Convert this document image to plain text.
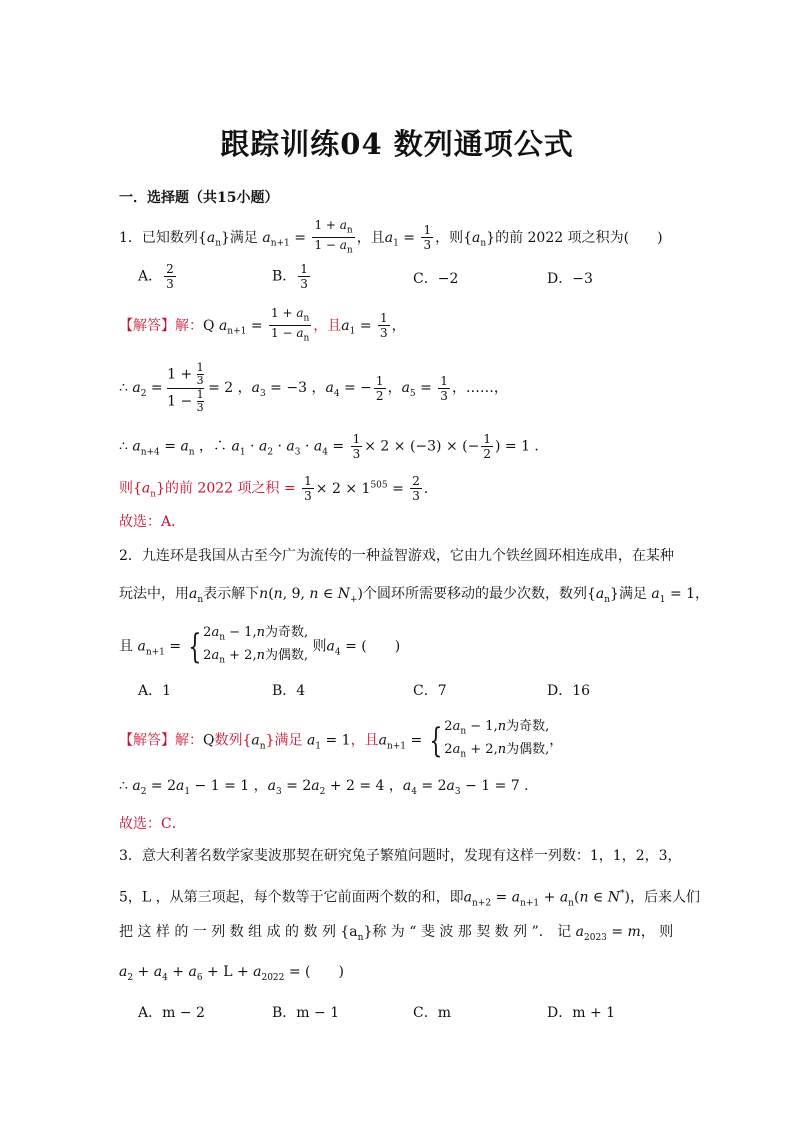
跟踪训练04 数列通项公式
一．选择题（共15小题）
1．已知数列$\{a_n\}$满足 $a_{n+1} = \frac{1 + a_n}{1 - a_n}$ ，且$a_1 = \frac{1}{3}$ ，则$\{a_n\}$的前 2022 项之积为(　　)
A． $\frac{2}{3}$	B． $\frac{1}{3}$	C．−2	D．−3
【解答】解：Q $a_{n+1} = \frac{1 + a_n}{1 - a_n}$ ，且$a_1 = \frac{1}{3}$ ，
∴ $a_2 = \frac{1 + \frac{1}{3}}{1 - \frac{1}{3}} = 2$ ，$a_3 = -3$ ，$a_4$ = − $\frac{1}{2}$ ，$a_5 = \frac{1}{3}$ ，……，
∴ $a_{n+4} = a_n$ ，∴ $a_1 \cdot a_2 \cdot a_3 \cdot a_4 = \frac{1}{3} \times 2 \times (-3)$ × (− $\frac{1}{2}$ ) = 1 ．
则$\{a_n\}$的前 2022 项之积 = $\frac{1}{3} \times 2 \times 1^{505} = \frac{2}{3}$ ．
故选：A．
2．九连环是我国从古至今广为流传的一种益智游戏，它由九个铁丝圆环相连成串，在某种
玩法中，用$a_n$表示解下n(n, 9, n ∈ $N_+$)个圆环所需要移动的最少次数，数列$\{a_n\}$满足 $a_1 = 1$，
且 $a_{n+1}$ = { $2a_n - 1,n$为奇数,
$2a_n + 2,n$为偶数,
则$a_4$ = (　　)
A．1	B．4	C．7	D．16
【解答】解：Q数列$\{a_n\}$满足 $a_1 = 1$，且$a_{n+1}$ = { $2a_n - 1,n$为奇数,
$2a_n + 2,n$为偶数,
，
∴ $a_2 = 2a_1 - 1 = 1$ ，$a_3 = 2a_2 + 2 = 4$ ，$a_4 = 2a_3 - 1 = 7$ ．
故选：C．
3．意大利著名数学家斐波那契在研究兔子繁殖问题时，发现有这样一列数：1，1，2，3，
5，L ，从第三项起，每个数等于它前面两个数的和，即$a_{n+2} = a_{n+1} + a_n(n$ ∈ N*)，后来人们
把 这 样 的 一 列 数 组 成 的 数 列 $\{a_n\}$称 为 “ 斐 波 那 契 数 列 ”． 记 $a_{2023} = m$， 则
$a_2 + a_4 + a_6 + L + a_{2022}$ = (　　)
A．m − 2	B．m − 1	C．m	D．m + 1
